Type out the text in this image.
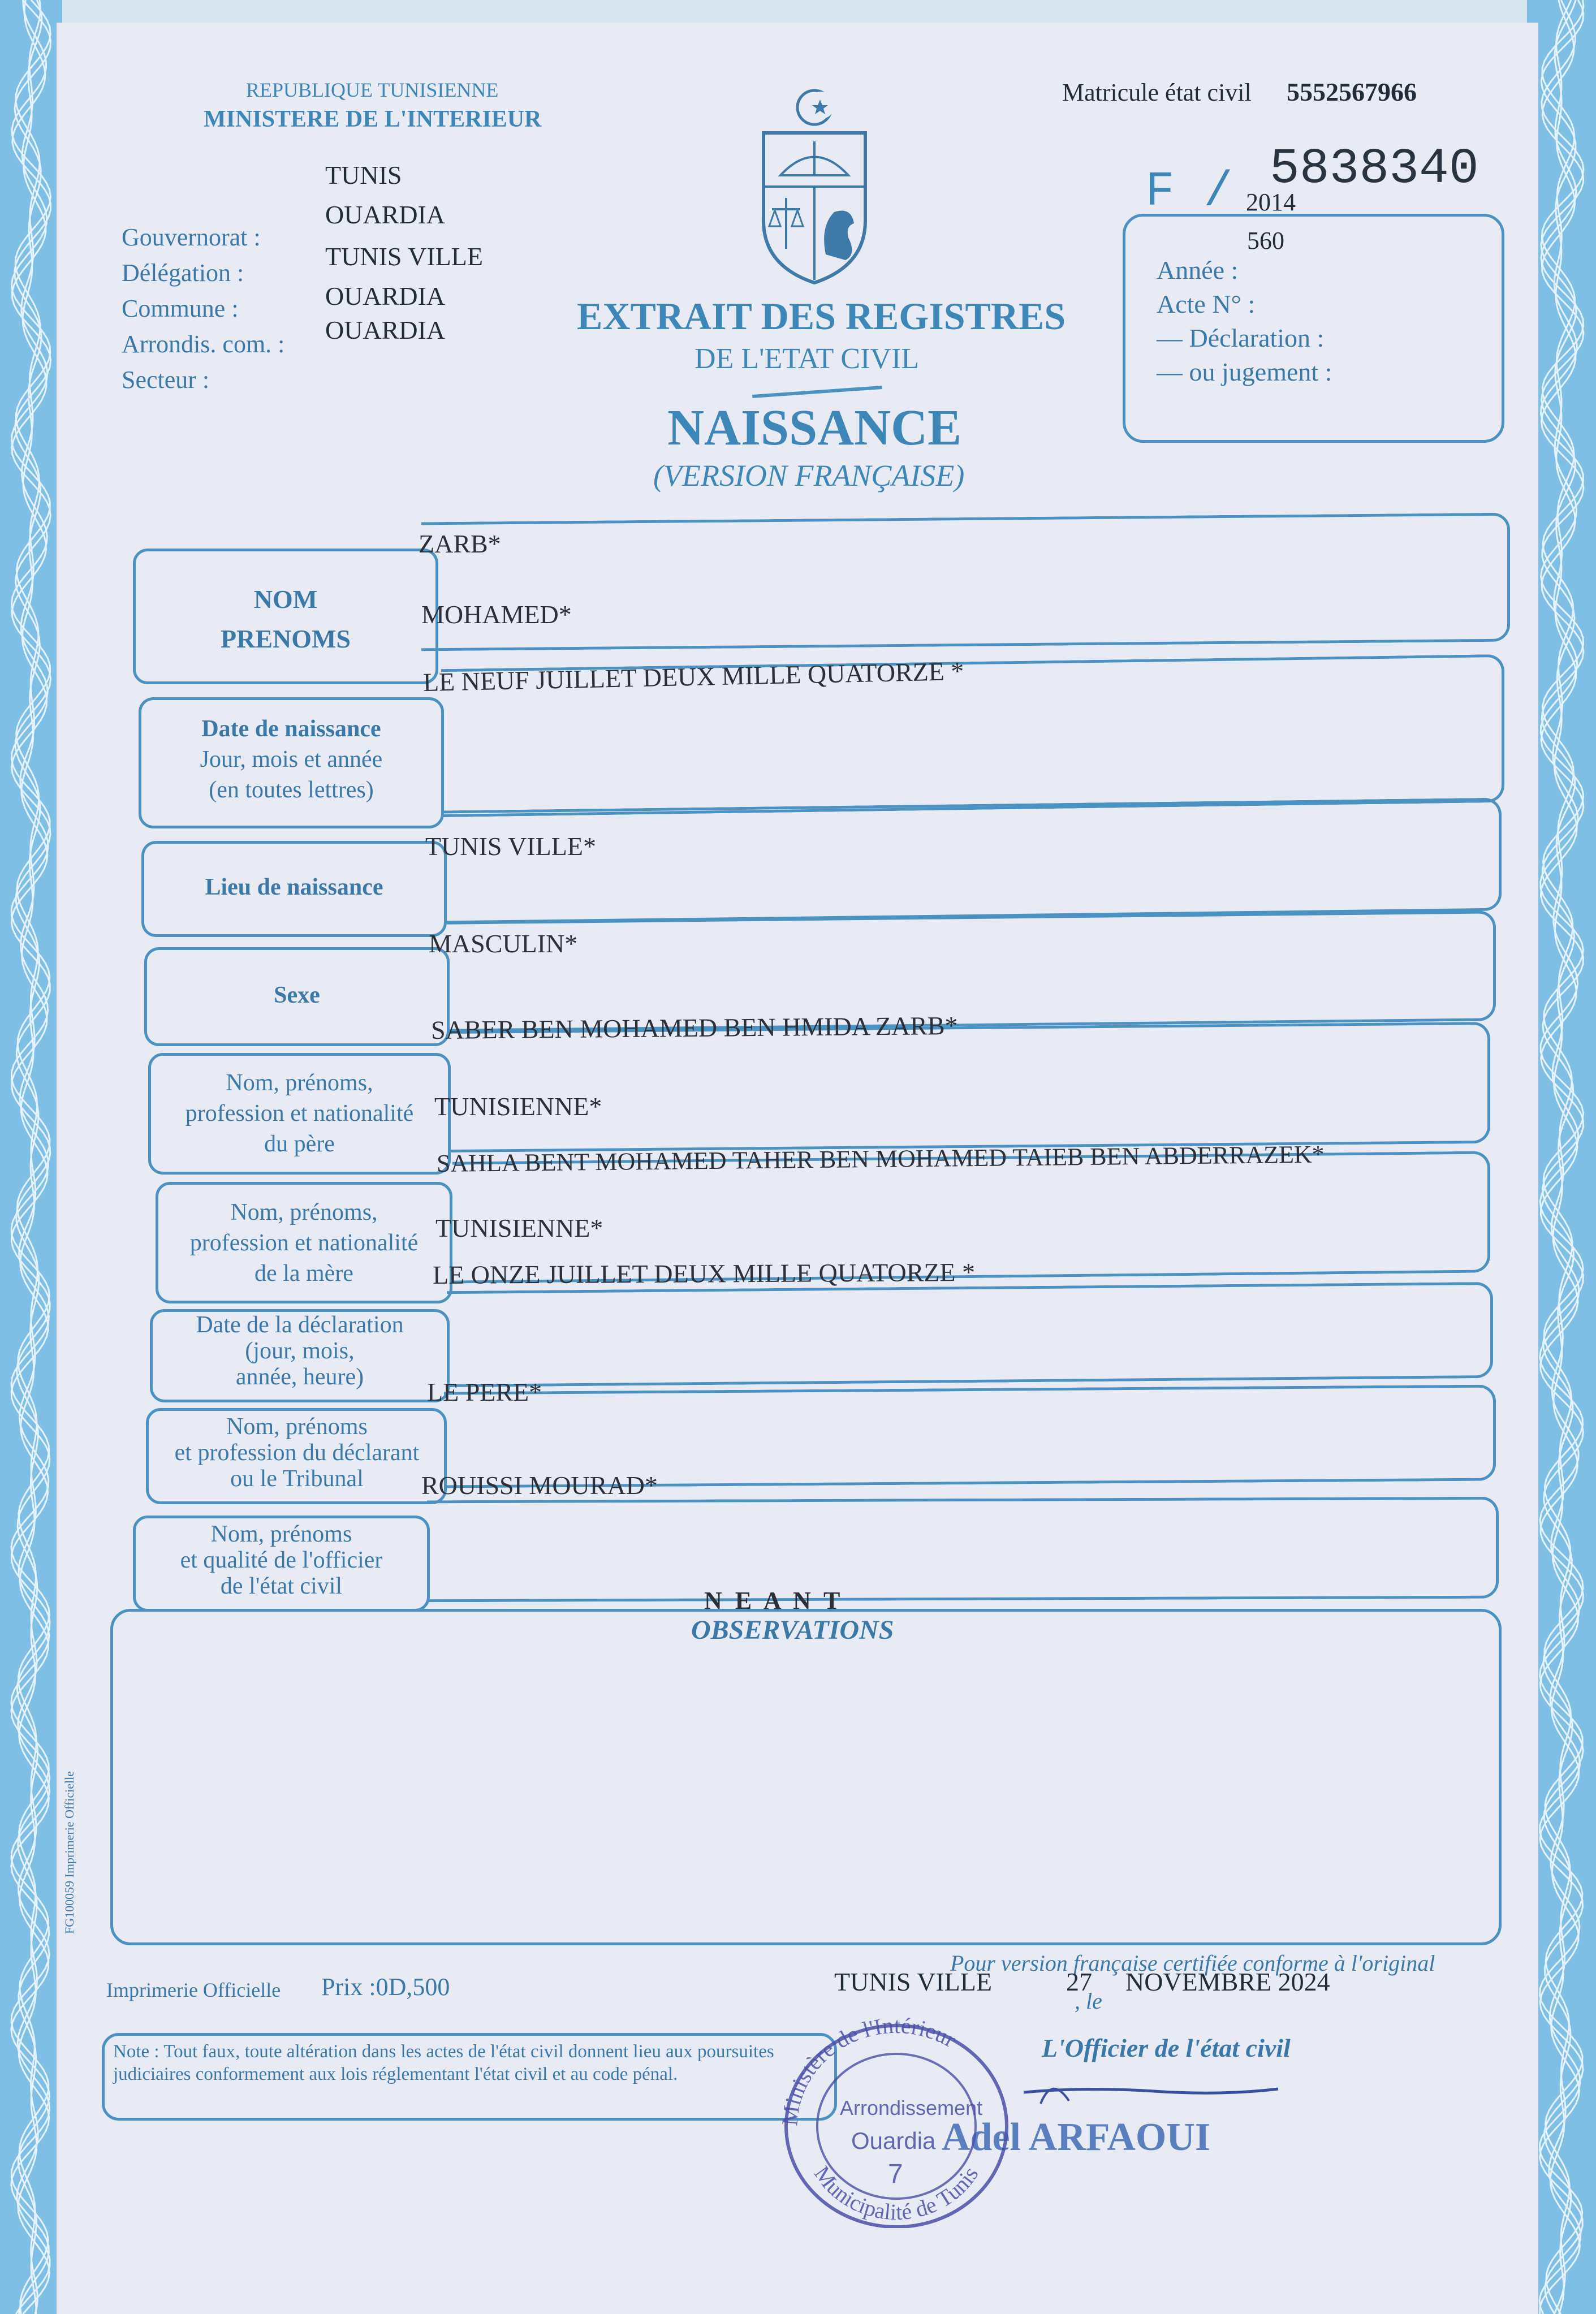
REPUBLIQUE TUNISIENNE
MINISTERE DE L'INTERIEUR
Gouvernorat :
Délégation :
Commune :
Arrondis. com. :
Secteur :
TUNIS
OUARDIA
TUNIS VILLE
OUARDIA
OUARDIA	EXTRAIT DES REGISTRES
DE L'ETAT CIVIL
NAISSANCE
(VERSION FRANÇAISE)
Matricule état civil 5552567966
F / 5838340
2014
560
Année :
Acte N° :
— Déclaration :
— ou jugement :
NOM
PRENOMS
ZARB*
MOHAMED*
Date de naissance
Jour, mois et année
(en toutes lettres)
LE NEUF JUILLET DEUX MILLE QUATORZE *
Lieu de naissance
TUNIS VILLE*
Sexe
MASCULIN*
Nom, prénoms,
profession et nationalité
du père
SABER BEN MOHAMED BEN HMIDA ZARB*
TUNISIENNE*
Nom, prénoms,
profession et nationalité
de la mère
SAHLA BENT MOHAMED TAHER BEN MOHAMED TAIEB BEN ABDERRAZEK*
TUNISIENNE*
Date de la déclaration
(jour, mois,
année, heure)
LE ONZE JUILLET DEUX MILLE QUATORZE *
Nom, prénoms
et profession du déclarant
ou le Tribunal
LE PERE*
Nom, prénoms
et qualité de l'officier
de l'état civil
ROUISSI MOURAD*
N E A N T
OBSERVATIONS
FG100059 Imprimerie Officielle
Imprimerie Officielle Prix :0D,500
Pour version française certifiée conforme à l'original
TUNIS VILLE
, le
27 NOVEMBRE 2024
L'Officier de l'état civil
Adel ARFAOUI
Note : Tout faux, toute altération dans les actes de l'état civil donnent lieu aux poursuites judiciaires conformement aux lois réglementant l'état civil et au code pénal.
Ministère de l'Intérieur
Municipalité de Tunis
Arrondissement
Ouardia
7
